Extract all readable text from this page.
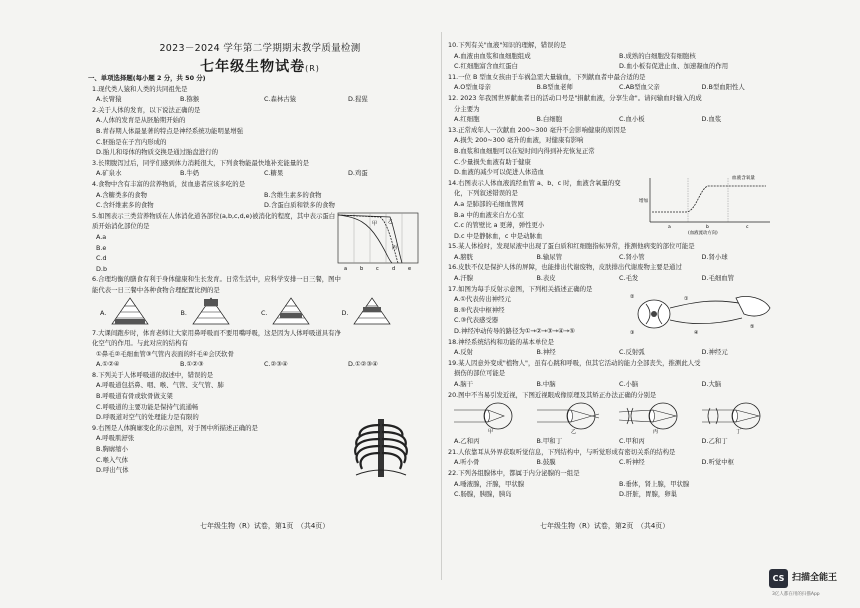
2023－2024 学年第二学期期末教学质量检测
七年级生物试卷(R)
一、单项选择题(每小题 2 分，共 50 分)
1.现代类人猿和人类的共同祖先是
A.长臂猿	B.猕猴	C.森林古猿	D.猩猩
2.关于人体的发育，以下说法正确的是
A.人体的发育是从胚胎期开始的
B.青春期人体最显著的特点是神经系统功能明显增强
C.胚胎是在子宫内形成的
D.胎儿和母体的物质交换是通过胎盘进行的
3.长期腹泻过后，同学们感到体力消耗很大，下列食物能最快地补充能量的是
A.矿泉水	B.牛奶	C.糖果	D.鸡蛋
4.食物中含有丰富的营养物质，贫血患者应该多吃的是
A.含糖类多的食物	B.含维生素多的食物
C.含纤维素多的食物	D.含蛋白质和铁多的食物
5.如图表示三类营养物质在人体消化道各部位(a,b,c,d,e)被消化的程度，其中表示蛋白
质开始消化部位的是
A.a
B.e
C.d
D.b
甲 乙
丙
a	b	c	d	e
6.合理均衡的膳食有利于身体健康和生长发育。日常生活中，应科学安排一日三餐，图中
能代表一日三餐中各种食物合理配置比例的是
A.	B.	C.	D.
7.大课间跑步时，体育老师让大家用鼻呼吸而不要用嘴呼吸，这是因为人体呼吸道具有净
化空气的作用。与此对应的结构有
①鼻毛②毛细血管③气管内表面的纤毛④会厌软骨
A.①②④	B.①②③	C.②③④	D.①②③④
8.下列关于人体呼吸道的叙述中，错误的是
A.呼吸道包括鼻、咽、喉、气管、支气管、肺
B.呼吸道有骨或软骨做支架
C.呼吸道的主要功能是保持气流通畅
D.呼吸道对空气的处理能力是有限的
9.右图是人体胸廓变化的示意图，对于图中所描述正确的是
A.呼吸肌舒张
B.胸廓缩小
C.喉入气体
D.呼出气体
七年级生物（R）试卷，第1页　（共4页）
10.下列有关"血液"知识的理解，错误的是
A.血液由血浆和血细胞组成	B.成熟的白细胞没有细胞核
C.红细胞富含血红蛋白	D.血小板有促进止血、加速凝血的作用
11.一位 B 型血女孩由于车祸急需大量输血，下列献血者中最合适的是
A.O型血母亲	B.B型血老师	C.AB型血父亲	D.B型血阳性人
12. 2023 年我国世界献血者日的活动口号是"捐献血液，分享生命"。请问输血时输入的成
分主要为
A.红细胞	B.白细胞	C.血小板	D.血浆
13.正常成年人一次献血 200~300 毫升不会影响健康的原因是
A.损失 200~300 毫升的血液，对健康有影响
B.血浆和血细胞可以在短时间内得到补充恢复正常
C.少量损失血液有助于健康
D.血液的减少可以促进人体造血
14.右图表示人体血液流经血管 a、b、c 时，血液含氧量的变
化，下列叙述错误的是
A.a 是肺部的毛细血管网
B.a 中的血液来自左心室
C.c 的管壁比 a 更薄，弹性更小
D.c 中是静脉血，c 中是动脉血
血液含氧量
增加
a	b	c
(血液流动方向)
15.某人体检时，发现尿液中出现了蛋白质和红细胞指标异常，推测他病变的部位可能是
A.膀胱	B.输尿管	C.肾小管	D.肾小球
16.皮肤不仅是保护人体的屏障，也能排出代谢废物，皮肤排出代谢废物主要是通过
A.汗腺	B.表皮	C.毛发	D.毛细血管
17.如图为每手反射示意图，下列相关描述正确的是
A.①代表传出神经元
B.⑤代表中枢神经
C.③代表感受器
D.神经冲动传导的路径为①→②→③→④→⑤
①
②
③	④
⑤
18.神经系统结构和功能的基本单位是
A.反射	B.神经	C.反射弧	D.神经元
19.某人因意外变成"植物人"，虽有心跳和呼吸，但其它活动的能力全部丧失，推测此人受
损伤的部位可能是
A.脑干	B.中脑	C.小脑	D.大脑
20.图中不当易引发近视，下图近视眼成像原理及其矫正办法正确的分别是
甲	乙	丙	丁
A.乙和丙	B.甲和丁	C.甲和丙	D.乙和丁
21.人依靠耳从外界获取听觉信息，下列结构中，与听觉形成有密切关系的结构是
A.听小骨	B.鼓膜	C.听神经	D.听觉中枢
22.下列各组腺体中，都属于内分泌腺的一组是
A.唾液腺，汗腺，甲状腺	B.垂体，肾上腺，甲状腺
C.肠腺，胰腺，胰岛	D.肝脏，胃腺，卵巢
七年级生物（R）试卷，第2页　（共4页）
CS 扫描全能王
3亿人都在用的扫描App
